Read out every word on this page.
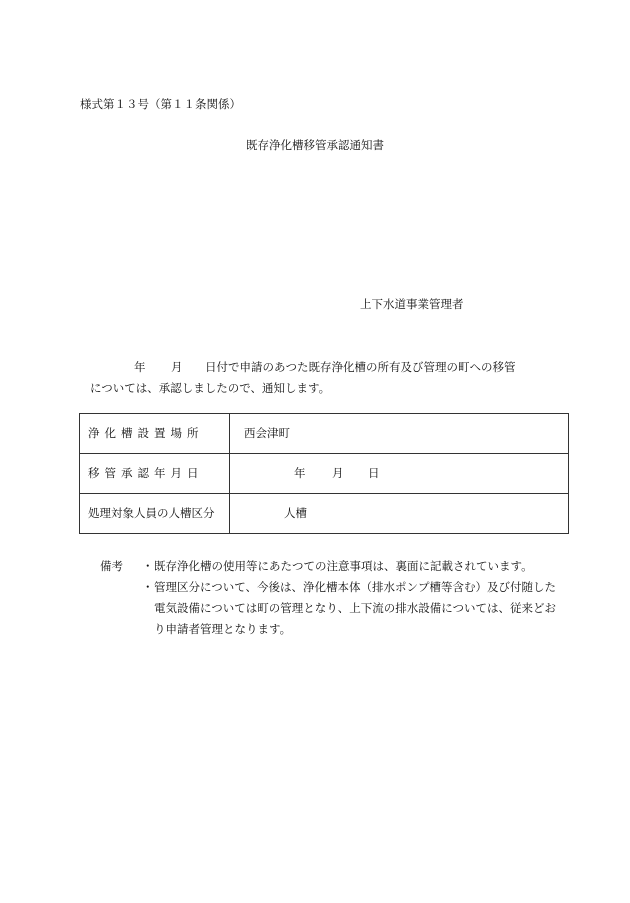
様式第１３号（第１１条関係）
既存浄化槽移管承認通知書
上下水道事業管理者
年 月 日付で申請のあつた既存浄化槽の所有及び管理の町への移管
については、承認しましたので、通知します。
浄化槽設置場所	西会津町
移管承認年月日	年 月 日
処理対象人員の人槽区分	人槽
備考 ・ 既存浄化槽の使用等にあたつての注意事項は、裏面に記載されています。
・ 管理区分について、今後は、浄化槽本体（排水ポンプ槽等含む）及び付随した電気設備については町の管理となり、上下流の排水設備については、従来どおり申請者管理となります。
